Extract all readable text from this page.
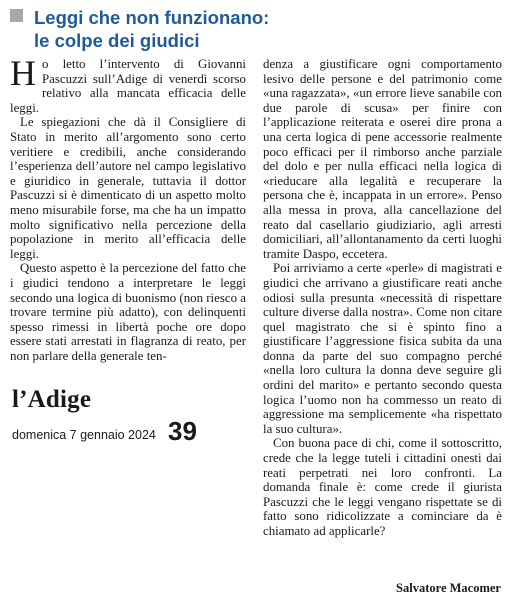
Leggi che non funzionano:
le colpe dei giudici

Ho letto l’intervento di Giovanni Pascuzzi sull’Adige di venerdì scorso relativo alla mancata efficacia delle leggi.

Le spiegazioni che dà il Consigliere di Stato in merito all’argomento sono certo veritiere e credibili, anche considerando l’esperienza dell’autore nel campo legislativo e giuridico in generale, tuttavia il dottor Pascuzzi si è dimenticato di un aspetto molto meno misurabile forse, ma che ha un impatto molto significativo nella percezione della popolazione in merito all’efficacia delle leggi.

Questo aspetto è la percezione del fatto che i giudici tendono a interpretare le leggi secondo una logica di buonismo (non riesco a trovare termine più adatto), con delinquenti spesso rimessi in libertà poche ore dopo essere stati arrestati in flagranza di reato, per non parlare della generale ten-

denza a giustificare ogni comportamento lesivo delle persone e del patrimonio come «una ragazzata», «un errore lieve sanabile con due parole di scusa» per finire con l’applicazione reiterata e oserei dire prona a una certa logica di pene accessorie realmente poco efficaci per il rimborso anche parziale del dolo e per nulla efficaci nella logica di «rieducare alla legalità e recuperare la persona che è, incappata in un errore». Penso alla messa in prova, alla cancellazione del reato dal casellario giudiziario, agli arresti domiciliari, all’allontanamento da certi luoghi tramite Daspo, eccetera.

Poi arriviamo a certe «perle» di magistrati e giudici che arrivano a giustificare reati anche odiosi sulla presunta «necessità di rispettare culture diverse dalla nostra». Come non citare quel magistrato che si è spinto fino a giustificare l’aggressione fisica subita da una donna da parte del suo compagno perché «nella loro cultura la donna deve seguire gli ordini del marito» e pertanto secondo questa logica l’uomo non ha commesso un reato di aggressione ma semplicemente «ha rispettato la suo cultura».

Con buona pace di chi, come il sottoscritto, crede che la legge tuteli i cittadini onesti dai reati perpetrati nei loro confronti. La domanda finale è: come crede il giurista Pascuzzi che le leggi vengano rispettate se di fatto sono ridicolizzate a cominciare da è chiamato ad applicarle?

Salvatore Macomer
l’Adige
domenica 7 gennaio 2024 39
